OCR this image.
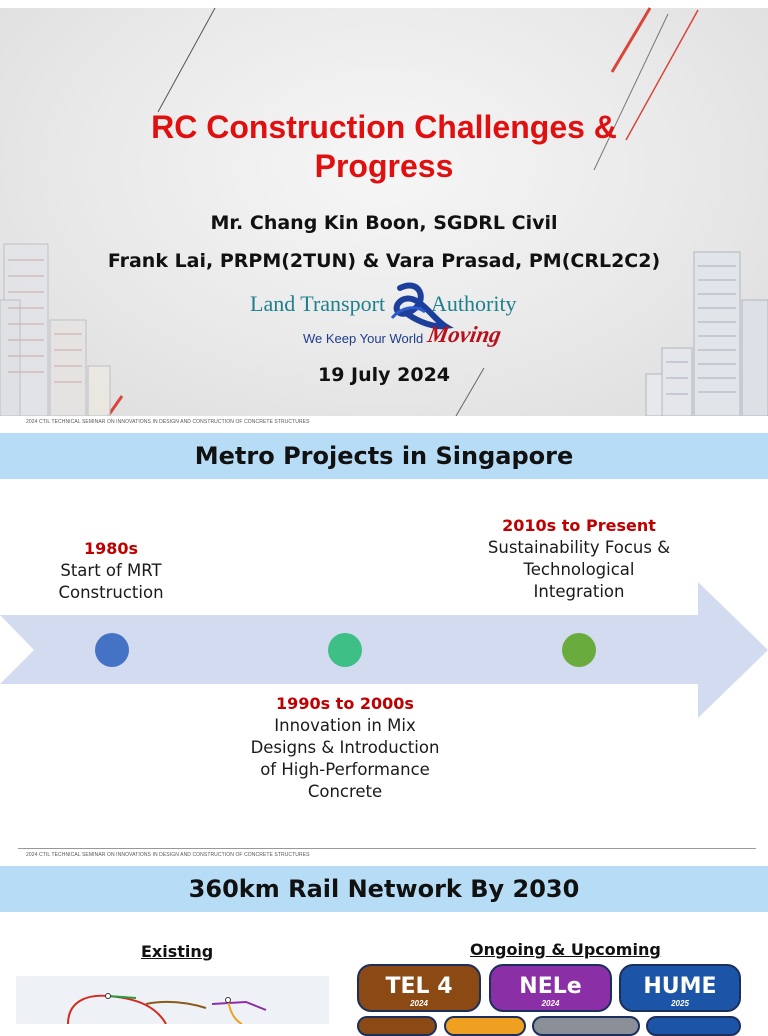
RC Construction Challenges &
Progress
Mr. Chang Kin Boon, SGDRL Civil
Frank Lai, PRPM(2TUN) & Vara Prasad, PM(CRL2C2)
Land Transport Authority
We Keep Your World Moving
19 July 2024
2024 CTIL TECHNICAL SEMINAR ON INNOVATIONS IN DESIGN AND CONSTRUCTION OF CONCRETE STRUCTURES
Metro Projects in Singapore
1980s
Start of MRT
Construction
1990s to 2000s
Innovation in Mix
Designs & Introduction
of High-Performance
Concrete
2010s to Present
Sustainability Focus &
Technological
Integration
2024 CTIL TECHNICAL SEMINAR ON INNOVATIONS IN DESIGN AND CONSTRUCTION OF CONCRETE STRUCTURES
360km Rail Network By 2030
Existing	Ongoing & Upcoming
TEL 4
2024
NELe
2024
HUME
2025
